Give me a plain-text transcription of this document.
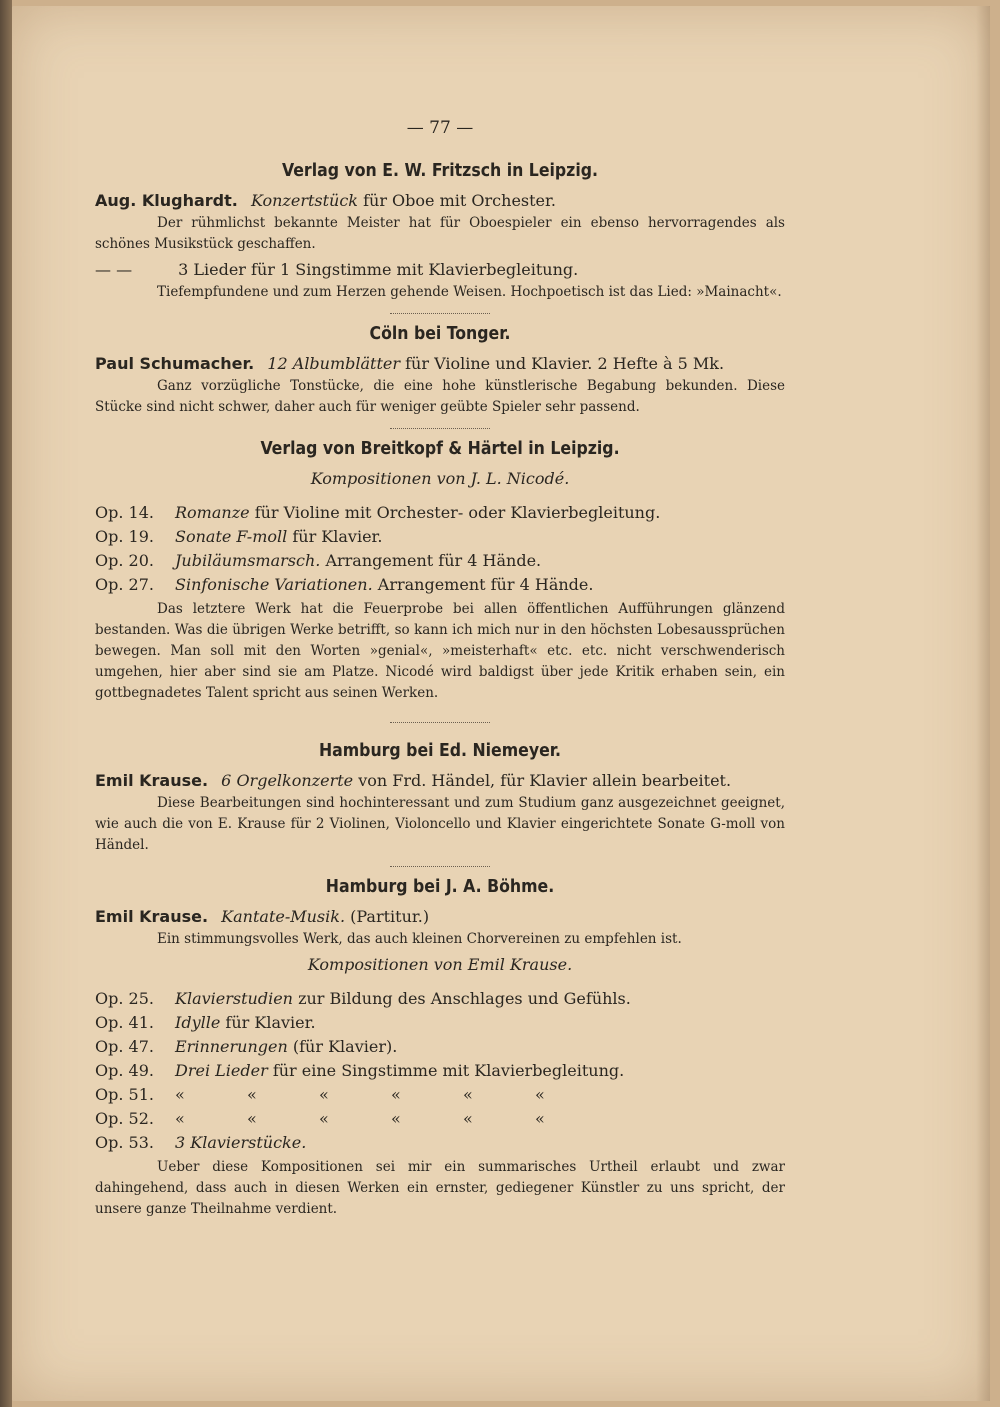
— 77 —
Verlag von E. W. Fritzsch in Leipzig.
Aug. Klughardt. Konzertstück für Oboe mit Orchester.
Der rühmlichst bekannte Meister hat für Oboespieler ein ebenso hervorragendes als schönes Musikstück geschaffen.
— —	3 Lieder für 1 Singstimme mit Klavierbegleitung.
Tiefempfundene und zum Herzen gehende Weisen. Hochpoetisch ist das Lied: »Mainacht«.
Cöln bei Tonger.
Paul Schumacher. 12 Albumblätter für Violine und Klavier. 2 Hefte à 5 Mk.
Ganz vorzügliche Tonstücke, die eine hohe künstlerische Begabung bekunden. Diese Stücke sind nicht schwer, daher auch für weniger geübte Spieler sehr passend.
Verlag von Breitkopf & Härtel in Leipzig.
Kompositionen von J. L. Nicodé.
Op. 14.	Romanze für Violine mit Orchester- oder Klavierbegleitung.
Op. 19.	Sonate F-moll für Klavier.
Op. 20.	Jubiläumsmarsch. Arrangement für 4 Hände.
Op. 27.	Sinfonische Variationen. Arrangement für 4 Hände.
Das letztere Werk hat die Feuerprobe bei allen öffentlichen Aufführungen glänzend bestanden. Was die übrigen Werke betrifft, so kann ich mich nur in den höchsten Lobesaussprüchen bewegen. Man soll mit den Worten »genial«, »meisterhaft« etc. etc. nicht verschwenderisch umgehen, hier aber sind sie am Platze. Nicodé wird baldigst über jede Kritik erhaben sein, ein gottbegnadetes Talent spricht aus seinen Werken.
Hamburg bei Ed. Niemeyer.
Emil Krause. 6 Orgelkonzerte von Frd. Händel, für Klavier allein bearbeitet.
Diese Bearbeitungen sind hochinteressant und zum Studium ganz ausgezeichnet geeignet, wie auch die von E. Krause für 2 Violinen, Violoncello und Klavier eingerichtete Sonate G-moll von Händel.
Hamburg bei J. A. Böhme.
Emil Krause. Kantate-Musik. (Partitur.)
Ein stimmungsvolles Werk, das auch kleinen Chorvereinen zu empfehlen ist.
Kompositionen von Emil Krause.
Op. 25.	Klavierstudien zur Bildung des Anschlages und Gefühls.
Op. 41.	Idylle für Klavier.
Op. 47.	Erinnerungen (für Klavier).
Op. 49.	Drei Lieder für eine Singstimme mit Klavierbegleitung.
Op. 51.	«	«	«	«	«	«
Op. 52.	«	«	«	«	«	«
Op. 53.	3 Klavierstücke.
Ueber diese Kompositionen sei mir ein summarisches Urtheil erlaubt und zwar dahingehend, dass auch in diesen Werken ein ernster, gediegener Künstler zu uns spricht, der unsere ganze Theilnahme verdient.
